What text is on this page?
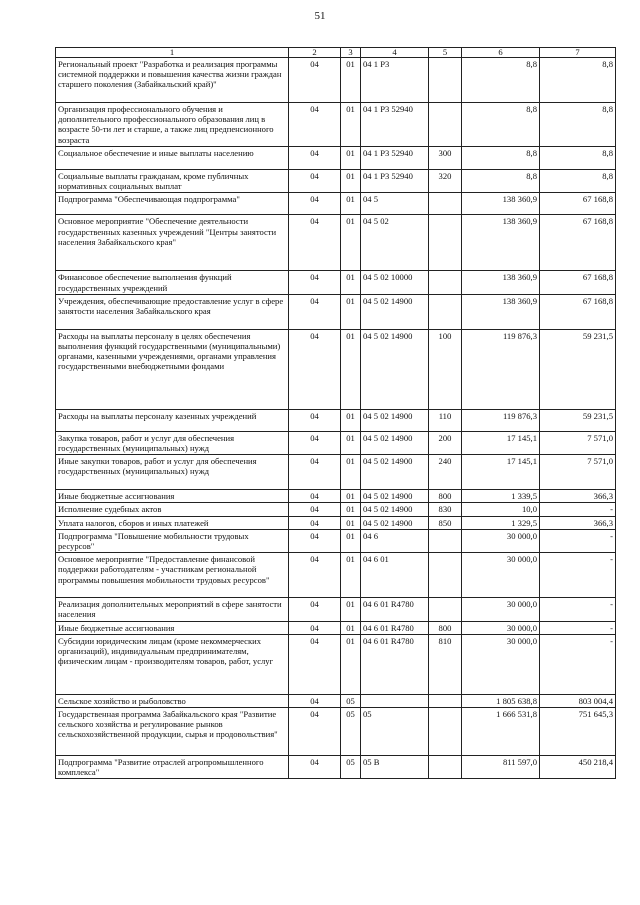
51
1	2	3	4	5	6	7
Региональный проект "Разработка и реализация программы системной поддержки и повышения качества жизни граждан старшего поколения (Забайкальский край)"	04	01	04 1 P3		8,8	8,8
Организация профессионального обучения и дополнительного профессионального образования лиц в возрасте 50-ти лет и старше, а также лиц предпенсионного возраста	04	01	04 1 P3 52940		8,8	8,8
Социальное обеспечение и иные выплаты населению	04	01	04 1 P3 52940	300	8,8	8,8
Социальные выплаты гражданам, кроме публичных нормативных социальных выплат	04	01	04 1 P3 52940	320	8,8	8,8
Подпрограмма "Обеспечивающая подпрограмма"	04	01	04 5		138 360,9	67 168,8
Основное мероприятие "Обеспечение деятельности государственных казенных учреждений "Центры занятости населения Забайкальского края"	04	01	04 5 02		138 360,9	67 168,8
Финансовое обеспечение выполнения функций государственных учреждений	04	01	04 5 02 10000		138 360,9	67 168,8
Учреждения, обеспечивающие предоставление услуг в сфере занятости населения Забайкальского края	04	01	04 5 02 14900		138 360,9	67 168,8
Расходы на выплаты персоналу в целях обеспечения выполнения функций государственными (муниципальными) органами, казенными учреждениями, органами управления государственными внебюджетными фондами	04	01	04 5 02 14900	100	119 876,3	59 231,5
Расходы на выплаты персоналу казенных учреждений	04	01	04 5 02 14900	110	119 876,3	59 231,5
Закупка товаров, работ и услуг для обеспечения государственных (муниципальных) нужд	04	01	04 5 02 14900	200	17 145,1	7 571,0
Иные закупки товаров, работ и услуг для обеспечения государственных (муниципальных) нужд	04	01	04 5 02 14900	240	17 145,1	7 571,0
Иные бюджетные ассигнования	04	01	04 5 02 14900	800	1 339,5	366,3
Исполнение судебных актов	04	01	04 5 02 14900	830	10,0	-
Уплата налогов, сборов и иных платежей	04	01	04 5 02 14900	850	1 329,5	366,3
Подпрограмма "Повышение мобильности трудовых ресурсов"	04	01	04 6		30 000,0	-
Основное мероприятие "Предоставление финансовой поддержки работодателям - участникам региональной программы повышения мобильности трудовых ресурсов"	04	01	04 6 01		30 000,0	-
Реализация дополнительных мероприятий в сфере занятости населения	04	01	04 6 01 R4780		30 000,0	-
Иные бюджетные ассигнования	04	01	04 6 01 R4780	800	30 000,0	-
Субсидии юридическим лицам (кроме некоммерческих организаций), индивидуальным предпринимателям, физическим лицам - производителям товаров, работ, услуг	04	01	04 6 01 R4780	810	30 000,0	-
Сельское хозяйство и рыболовство	04	05			1 805 638,8	803 004,4
Государственная программа Забайкальского края "Развитие сельского хозяйства и регулирование рынков сельскохозяйственной продукции, сырья и продовольствия"	04	05	05		1 666 531,8	751 645,3
Подпрограмма "Развитие отраслей агропромышленного комплекса"	04	05	05 В		811 597,0	450 218,4
